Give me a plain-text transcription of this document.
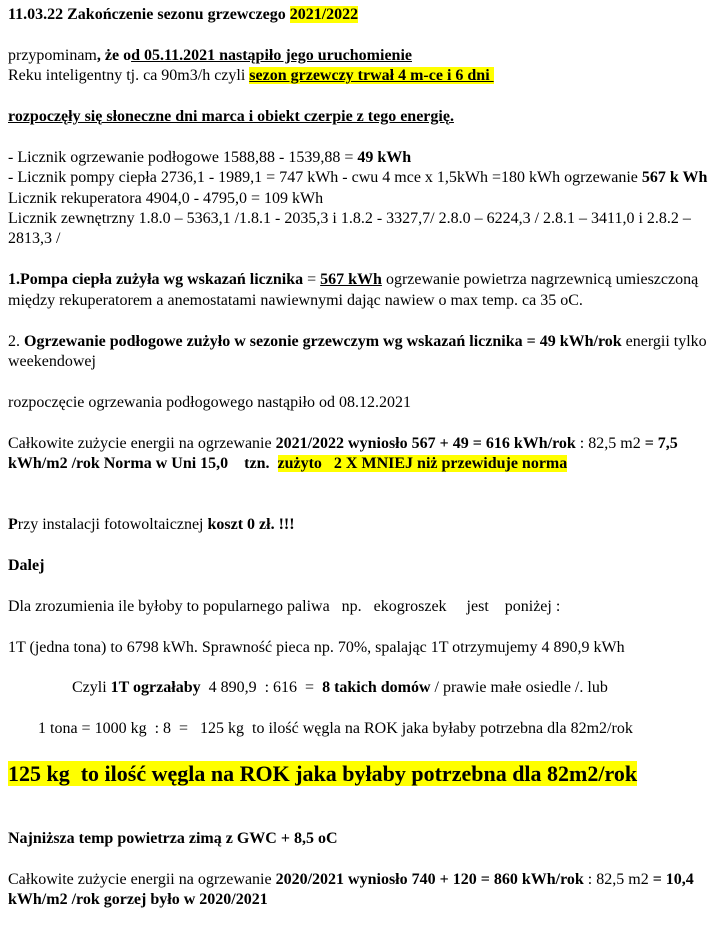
11.03.22 Zakończenie sezonu grzewczego 2021/2022

przypominam, że od 05.11.2021 nastąpiło jego uruchomienie

Reku inteligentny tj. ca 90m3/h czyli sezon grzewczy trwał 4 m-ce i 6 dni

rozpoczęły się słoneczne dni marca i obiekt czerpie z tego energię.

- Licznik ogrzewanie podłogowe 1588,88 - 1539,88 = 49 kWh

- Licznik pompy ciepła 2736,1 - 1989,1 = 747 kWh - cwu 4 mce x 1,5kWh =180 kWh ogrzewanie 567 k Wh

Licznik rekuperatora 4904,0 - 4795,0 = 109 kWh

Licznik zewnętrzny 1.8.0 – 5363,1 /1.8.1 - 2035,3 i 1.8.2 - 3327,7/ 2.8.0 – 6224,3 / 2.8.1 – 3411,0 i 2.8.2 – 2813,3 /

1.Pompa ciepła zużyła wg wskazań licznika = 567 kWh ogrzewanie powietrza nagrzewnicą umieszczoną między rekuperatorem a anemostatami nawiewnymi dając nawiew o max temp. ca 35 oC.

2. Ogrzewanie podłogowe zużyło w sezonie grzewczym wg wskazań licznika = 49 kWh/rok energii tylko weekendowej

rozpoczęcie ogrzewania podłogowego nastąpiło od 08.12.2021

Całkowite zużycie energii na ogrzewanie 2021/2022 wyniosło 567 + 49 = 616 kWh/rok : 82,5 m2 = 7,5 kWh/m2 /rok Norma w Uni 15,0    tzn.  zużyto   2 X MNIEJ niż przewiduje norma

Przy instalacji fotowoltaicznej koszt 0 zł. !!!

Dalej

Dla zrozumienia ile byłoby to popularnego paliwa   np.   ekogroszek     jest    poniżej :

1T (jedna tona) to 6798 kWh. Sprawność pieca np. 70%, spalając 1T otrzymujemy 4 890,9 kWh

Czyli 1T ogrzałaby  4 890,9  : 616  =  8 takich domów / prawie małe osiedle /. lub

1 tona = 1000 kg  : 8  =   125 kg  to ilość węgla na ROK jaka byłaby potrzebna dla 82m2/rok

125 kg  to ilość węgla na ROK jaka byłaby potrzebna dla 82m2/rok

Najniższa temp powietrza zimą z GWC + 8,5 oC

Całkowite zużycie energii na ogrzewanie 2020/2021 wyniosło 740 + 120 = 860 kWh/rok : 82,5 m2 = 10,4 kWh/m2 /rok gorzej było w 2020/2021
